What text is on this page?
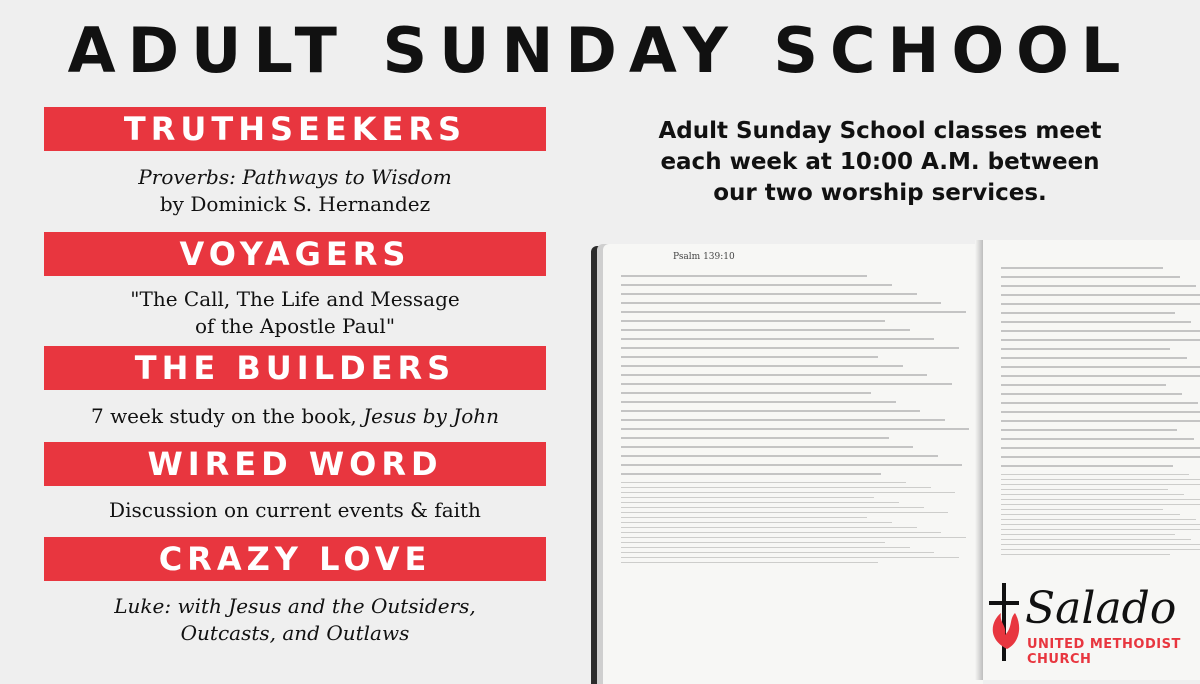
ADULT SUNDAY SCHOOL
TRUTHSEEKERS
Proverbs: Pathways to Wisdom
by Dominick S. Hernandez
VOYAGERS
"The Call, The Life and Message
of the Apostle Paul"
THE BUILDERS
7 week study on the book, Jesus by John
WIRED WORD
Discussion on current events & faith
CRAZY LOVE
Luke: with Jesus and the Outsiders,
Outcasts, and Outlaws
Adult Sunday School classes meet
each week at 10:00 A.M. between
our two worship services.
Psalm 139:10
Salado
UNITED METHODIST CHURCH
